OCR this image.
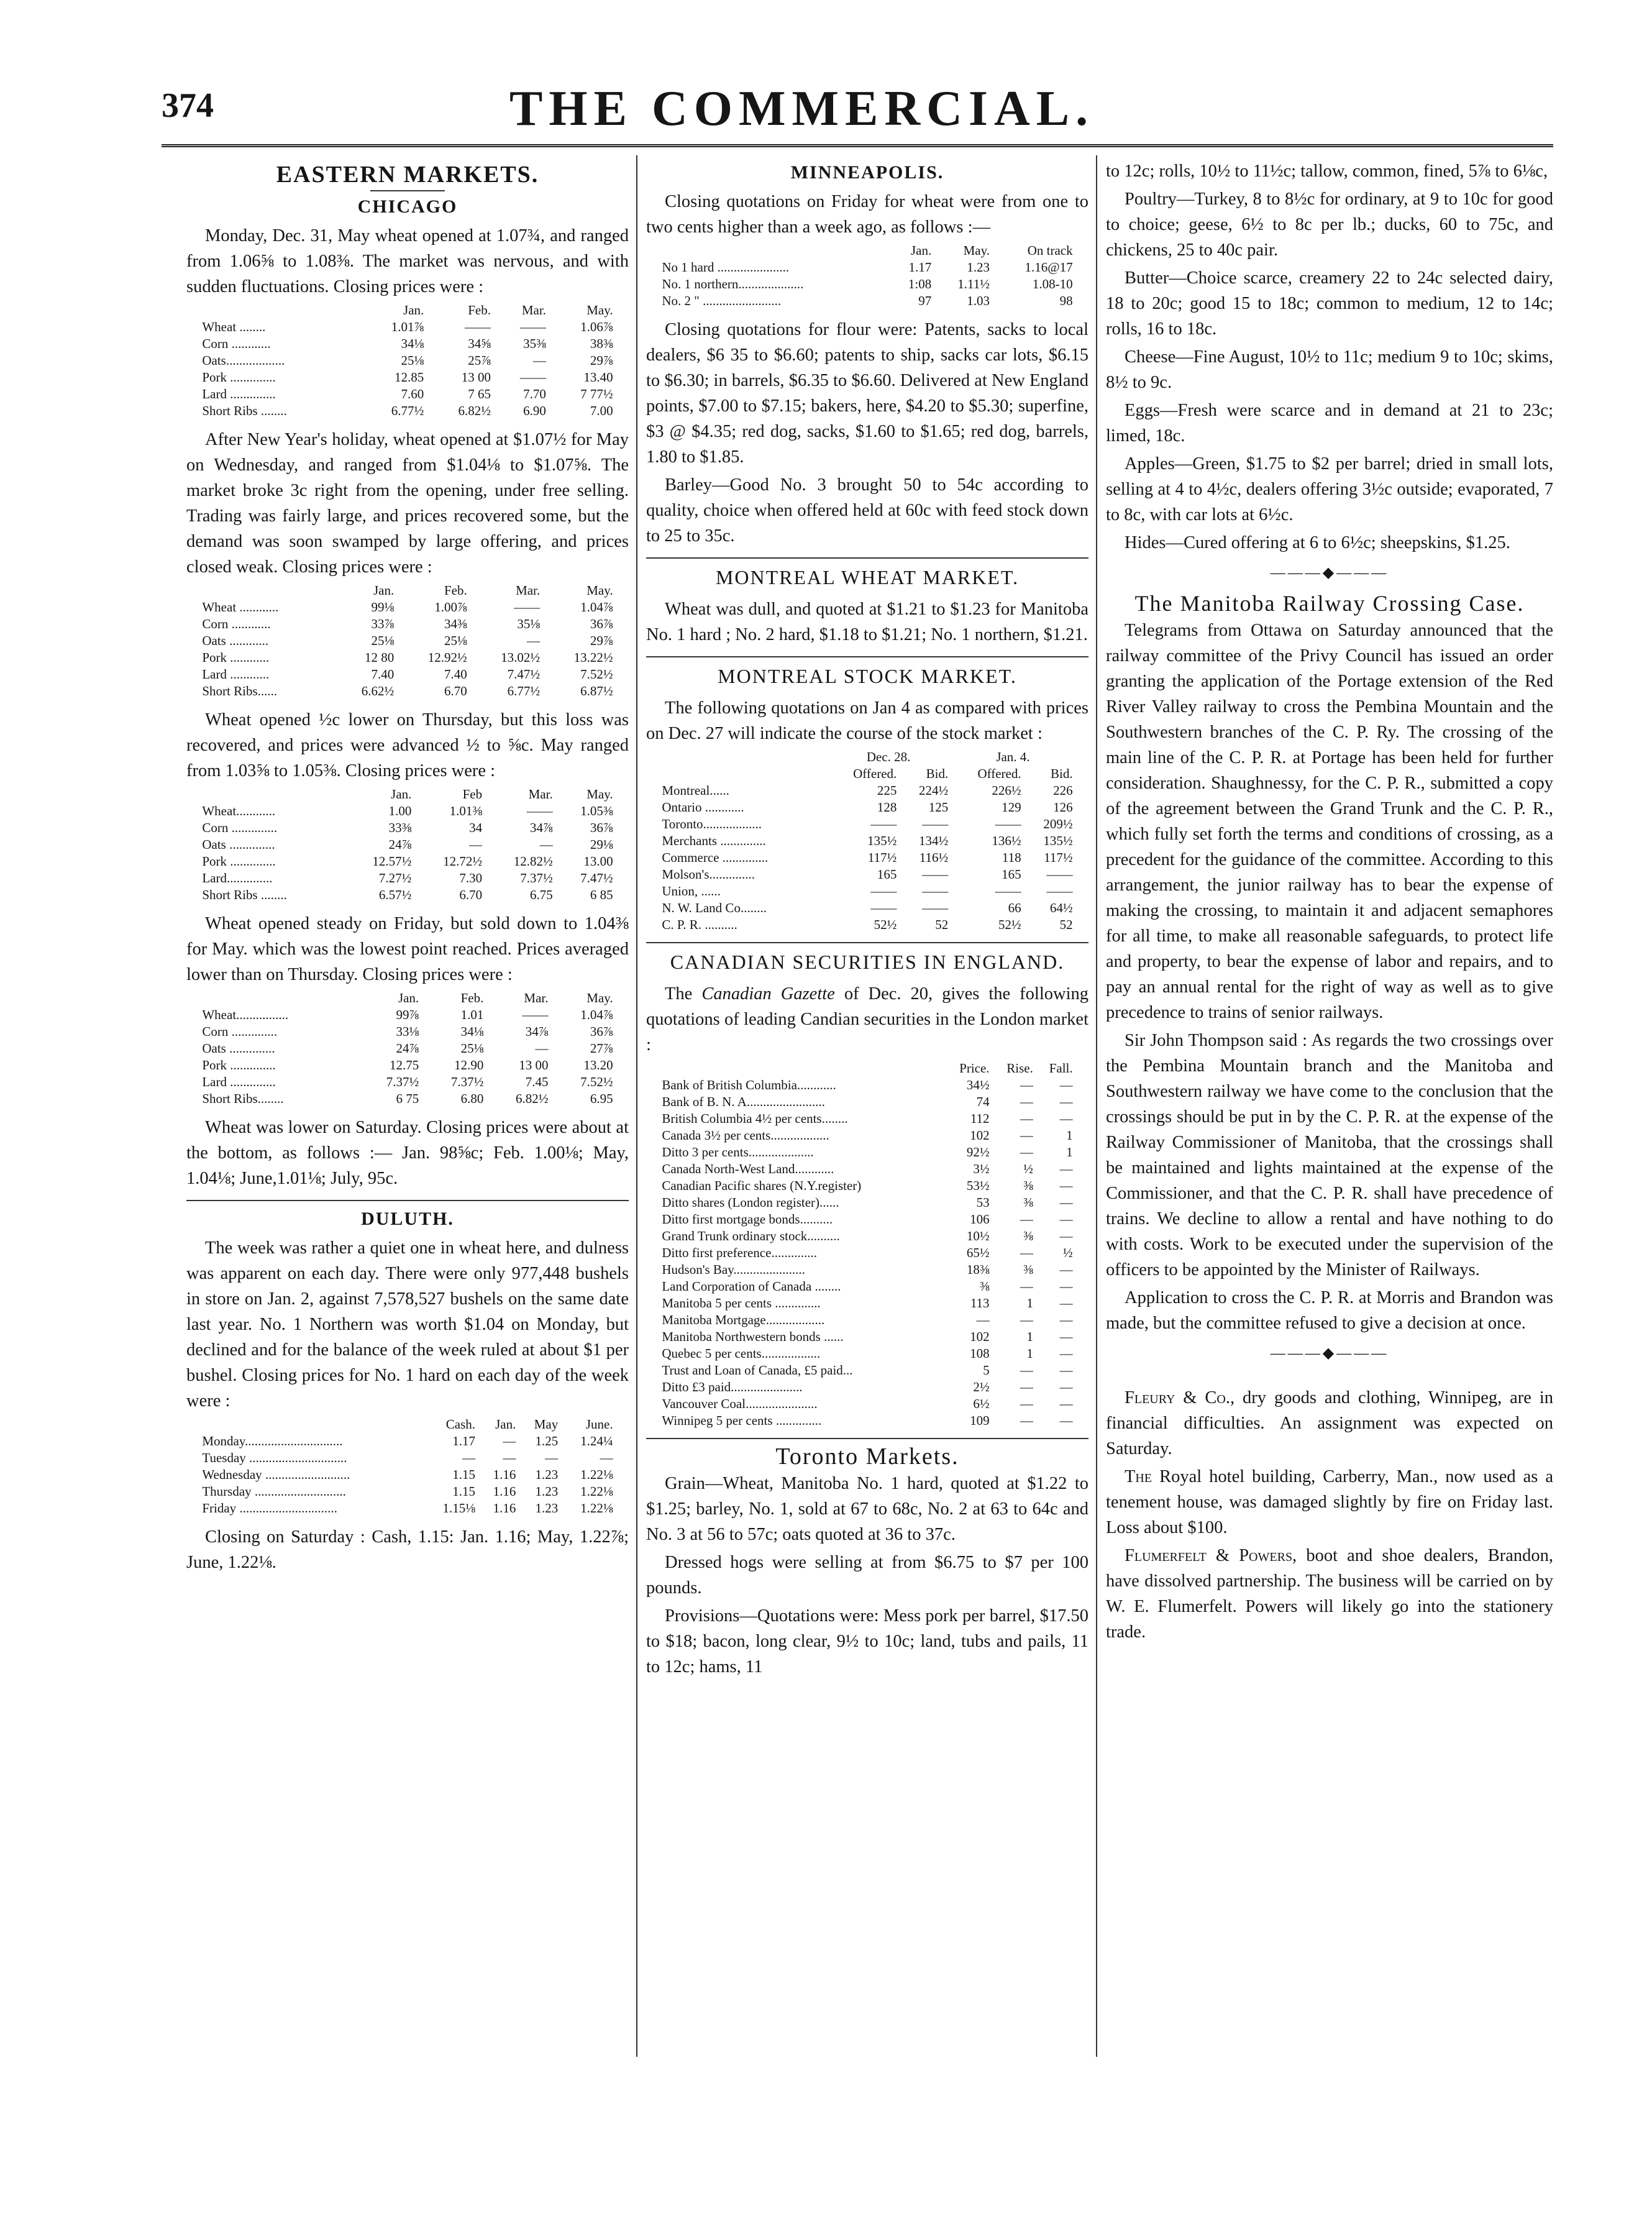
374	THE COMMERCIAL.
EASTERN MARKETS.
CHICAGO

Monday, Dec. 31, May wheat opened at 1.07¾, and ranged from 1.06⅝ to 1.08⅜. The market was nervous, and with sudden fluctuations. Closing prices were :

	Jan.	Feb.	Mar.	May.
Wheat ........	1.01⅞	——	——	1.06⅞
Corn ............	34⅛	34⅝	35⅜	38⅜
Oats..................	25⅛	25⅞	—	29⅞
Pork ..............	12.85	13 00	——	13.40
Lard ..............	7.60	7 65	7.70	7 77½
Short Ribs ........	6.77½	6.82½	6.90	7.00

After New Year's holiday, wheat opened at $1.07½ for May on Wednesday, and ranged from $1.04⅛ to $1.07⅝. The market broke 3c right from the opening, under free selling. Trading was fairly large, and prices recovered some, but the demand was soon swamped by large offering, and prices closed weak. Closing prices were :

	Jan.	Feb.	Mar.	May.
Wheat ............	99⅛	1.00⅞	——	1.04⅞
Corn ............	33⅞	34⅜	35⅛	36⅞
Oats ............	25⅛	25⅛	—	29⅞
Pork ............	12 80	12.92½	13.02½	13.22½
Lard ............	7.40	7.40	7.47½	7.52½
Short Ribs......	6.62½	6.70	6.77½	6.87½

Wheat opened ½c lower on Thursday, but this loss was recovered, and prices were advanced ½ to ⅝c. May ranged from 1.03⅝ to 1.05⅜. Closing prices were :

	Jan.	Feb	Mar.	May.
Wheat............	1.00	1.01⅜	——	1.05⅜
Corn ..............	33⅜	34	34⅞	36⅞
Oats ..............	24⅞	—	—	29⅛
Pork ..............	12.57½	12.72½	12.82½	13.00
Lard..............	7.27½	7.30	7.37½	7.47½
Short Ribs ........	6.57½	6.70	6.75	6 85

Wheat opened steady on Friday, but sold down to 1.04⅜ for May. which was the lowest point reached. Prices averaged lower than on Thursday. Closing prices were :

	Jan.	Feb.	Mar.	May.
Wheat................	99⅞	1.01	——	1.04⅞
Corn ..............	33⅛	34⅛	34⅞	36⅞
Oats ..............	24⅞	25⅛	—	27⅞
Pork ..............	12.75	12.90	13 00	13.20
Lard ..............	7.37½	7.37½	7.45	7.52½
Short Ribs........	6 75	6.80	6.82½	6.95

Wheat was lower on Saturday. Closing prices were about at the bottom, as follows :— Jan. 98⅝c; Feb. 1.00⅛; May, 1.04⅛; June,1.01⅛; July, 95c.

DULUTH.

The week was rather a quiet one in wheat here, and dulness was apparent on each day. There were only 977,448 bushels in store on Jan. 2, against 7,578,527 bushels on the same date last year. No. 1 Northern was worth $1.04 on Monday, but declined and for the balance of the week ruled at about $1 per bushel. Closing prices for No. 1 hard on each day of the week were :

	Cash.	Jan.	May	June.
Monday..............................	1.17	—	1.25	1.24¼
Tuesday ..............................	—	—	—	—
Wednesday ..........................	1.15	1.16	1.23	1.22⅛
Thursday ............................	1.15	1.16	1.23	1.22⅛
Friday ..............................	1.15⅛	1.16	1.23	1.22⅛

Closing on Saturday : Cash, 1.15: Jan. 1.16; May, 1.22⅞; June, 1.22⅛.

MINNEAPOLIS.

Closing quotations on Friday for wheat were from one to two cents higher than a week ago, as follows :—

	Jan.	May.	On track
No 1 hard ......................	1.17	1.23	1.16@17
No. 1 northern....................	1:08	1.11½	1.08-10
No. 2 " ........................	97	1.03	98

Closing quotations for flour were: Patents, sacks to local dealers, $6 35 to $6.60; patents to ship, sacks car lots, $6.15 to $6.30; in barrels, $6.35 to $6.60. Delivered at New England points, $7.00 to $7.15; bakers, here, $4.20 to $5.30; superfine, $3 @ $4.35; red dog, sacks, $1.60 to $1.65; red dog, barrels, 1.80 to $1.85.

Barley—Good No. 3 brought 50 to 54c according to quality, choice when offered held at 60c with feed stock down to 25 to 35c.

MONTREAL WHEAT MARKET.

Wheat was dull, and quoted at $1.21 to $1.23 for Manitoba No. 1 hard ; No. 2 hard, $1.18 to $1.21; No. 1 northern, $1.21.

MONTREAL STOCK MARKET.

The following quotations on Jan 4 as compared with prices on Dec. 27 will indicate the course of the stock market :

	Dec. 28.		Jan. 4.	
	Offered.	Bid.	Offered.	Bid.
Montreal......	225	224½	226½	226
Ontario ............	128	125	129	126
Toronto..................	——	——	——	209½
Merchants ..............	135½	134½	136½	135½
Commerce ..............	117½	116½	118	117½
Molson's..............	165	——	165	——
Union, ......	——	——	——	——
N. W. Land Co........	——	——	66	64½
C. P. R. ..........	52½	52	52½	52
CANADIAN SECURITIES IN ENGLAND.

The Canadian Gazette of Dec. 20, gives the following quotations of leading Candian securities in the London market :

	Price.	Rise.	Fall.
Bank of British Columbia............	34½	—	—
Bank of B. N. A........................	74	—	—
British Columbia 4½ per cents........	112	—	—
Canada 3½ per cents..................	102	—	1
Ditto 3 per cents....................	92½	—	1
Canada North-West Land............	3½	½	—
Canadian Pacific shares (N.Y.register)	53½	⅜	—
Ditto shares (London register)......	53	⅜	—
Ditto first mortgage bonds..........	106	—	—
Grand Trunk ordinary stock..........	10½	⅜	—
Ditto first preference..............	65½	—	½
Hudson's Bay......................	18⅜	⅜	—
Land Corporation of Canada ........	⅜	—	—
Manitoba 5 per cents ..............	113	1	—
Manitoba Mortgage..................	—	—	—
Manitoba Northwestern bonds ......	102	1	—
Quebec 5 per cents..................	108	1	—
Trust and Loan of Canada, £5 paid...	5	—	—
Ditto £3 paid......................	2½	—	—
Vancouver Coal......................	6½	—	—
Winnipeg 5 per cents ..............	109	—	—
Toronto Markets.

Grain—Wheat, Manitoba No. 1 hard, quoted at $1.22 to $1.25; barley, No. 1, sold at 67 to 68c, No. 2 at 63 to 64c and No. 3 at 56 to 57c; oats quoted at 36 to 37c.

Dressed hogs were selling at from $6.75 to $7 per 100 pounds.

Provisions—Quotations were: Mess pork per barrel, $17.50 to $18; bacon, long clear, 9½ to 10c; land, tubs and pails, 11 to 12c; hams, 11

to 12c; rolls, 10½ to 11½c; tallow, common, fined, 5⅞ to 6⅛c,

Poultry—Turkey, 8 to 8½c for ordinary, at 9 to 10c for good to choice; geese, 6½ to 8c per lb.; ducks, 60 to 75c, and chickens, 25 to 40c pair.

Butter—Choice scarce, creamery 22 to 24c selected dairy, 18 to 20c; good 15 to 18c; common to medium, 12 to 14c; rolls, 16 to 18c.

Cheese—Fine August, 10½ to 11c; medium 9 to 10c; skims, 8½ to 9c.

Eggs—Fresh were scarce and in demand at 21 to 23c; limed, 18c.

Apples—Green, $1.75 to $2 per barrel; dried in small lots, selling at 4 to 4½c, dealers offering 3½c outside; evaporated, 7 to 8c, with car lots at 6½c.

Hides—Cured offering at 6 to 6½c; sheepskins, $1.25.

———◆———
The Manitoba Railway Crossing Case.

Telegrams from Ottawa on Saturday announced that the railway committee of the Privy Council has issued an order granting the application of the Portage extension of the Red River Valley railway to cross the Pembina Mountain and the Southwestern branches of the C. P. Ry. The crossing of the main line of the C. P. R. at Portage has been held for further consideration. Shaughnessy, for the C. P. R., submitted a copy of the agreement between the Grand Trunk and the C. P. R., which fully set forth the terms and conditions of crossing, as a precedent for the guidance of the committee. According to this arrangement, the junior railway has to bear the expense of making the crossing, to maintain it and adjacent semaphores for all time, to make all reasonable safeguards, to protect life and property, to bear the expense of labor and repairs, and to pay an annual rental for the right of way as well as to give precedence to trains of senior railways.

Sir John Thompson said : As regards the two crossings over the Pembina Mountain branch and the Manitoba and Southwestern railway we have come to the conclusion that the crossings should be put in by the C. P. R. at the expense of the Railway Commissioner of Manitoba, that the crossings shall be maintained and lights maintained at the expense of the Commissioner, and that the C. P. R. shall have precedence of trains. We decline to allow a rental and have nothing to do with costs. Work to be executed under the supervision of the officers to be appointed by the Minister of Railways.

Application to cross the C. P. R. at Morris and Brandon was made, but the committee refused to give a decision at once.

———◆———

Fleury & Co., dry goods and clothing, Winnipeg, are in financial difficulties. An assignment was expected on Saturday.

The Royal hotel building, Carberry, Man., now used as a tenement house, was damaged slightly by fire on Friday last. Loss about $100.

Flumerfelt & Powers, boot and shoe dealers, Brandon, have dissolved partnership. The business will be carried on by W. E. Flumerfelt. Powers will likely go into the stationery trade.
